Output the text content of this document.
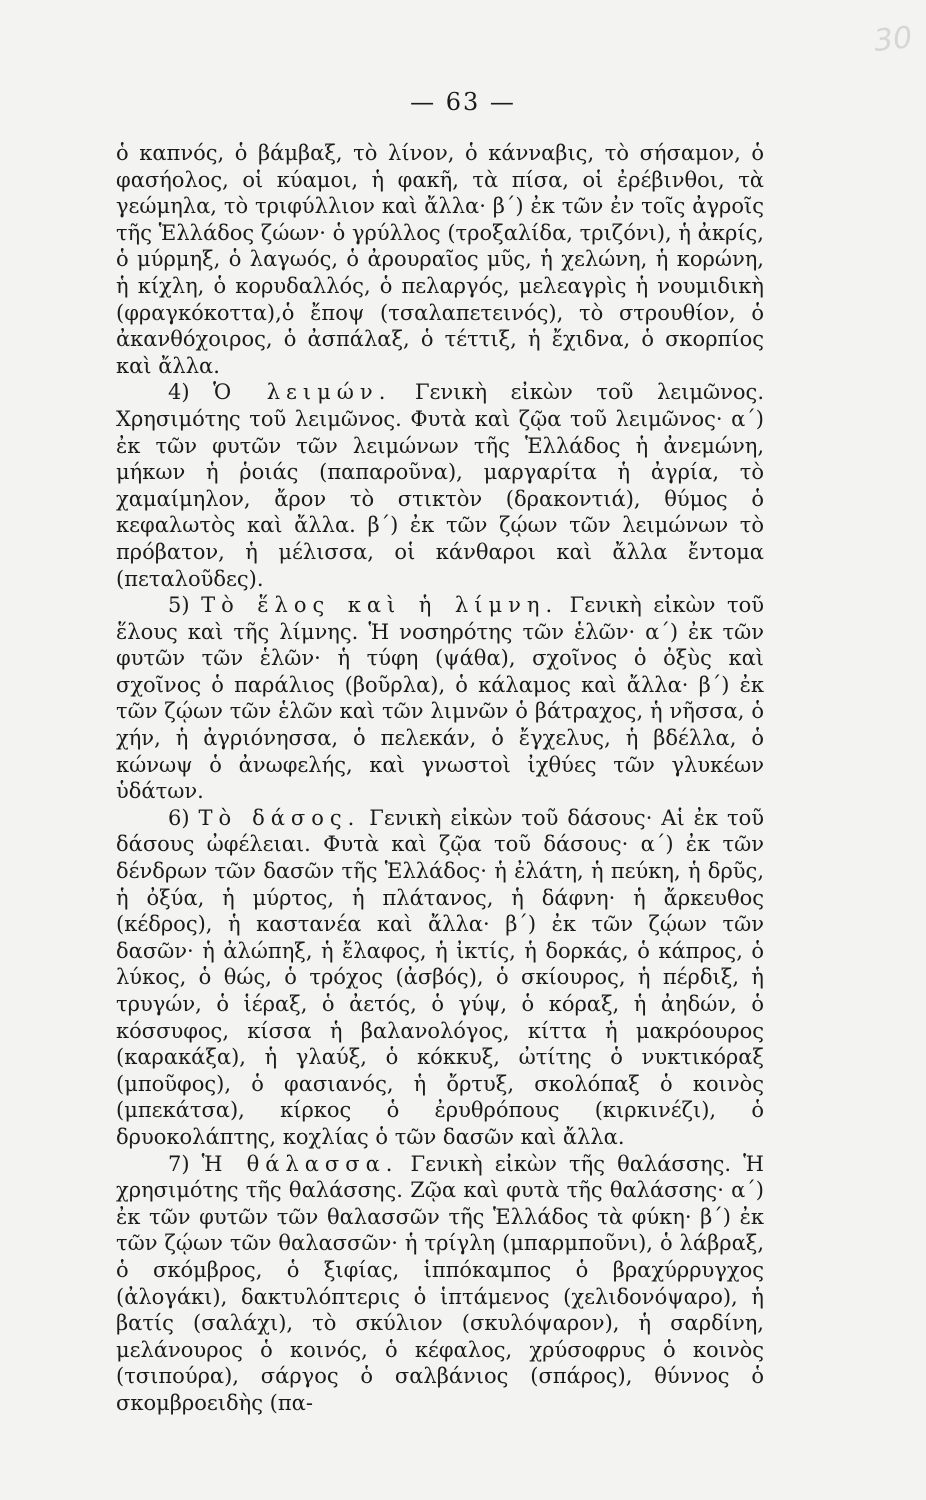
30
— 63 —

ὁ καπνός, ὁ βάμβαξ, τὸ λίνον, ὁ κάνναβις, τὸ σήσαμον, ὁ φασήολος, οἱ κύαμοι, ἡ φακῆ, τὰ πίσα, οἱ ἐρέβινθοι, τὰ γεώμηλα, τὸ τριφύλλιον καὶ ἄλλα· β΄) ἐκ τῶν ἐν τοῖς ἀγροῖς τῆς Ἑλλάδος ζώων· ὁ γρύλλος (τροξαλίδα, τριζόνι), ἡ ἀκρίς, ὁ μύρμηξ, ὁ λαγωός, ὁ ἀρουραῖος μῦς, ἡ χελώνη, ἡ κορώνη, ἡ κίχλη, ὁ κορυδαλλός, ὁ πελαργός, μελεαγρὶς ἡ νουμιδικὴ (φραγκόκοττα),ὁ ἔποψ (τσαλαπετεινός), τὸ στρουθίον, ὁ ἀκανθόχοιρος, ὁ ἀσπάλαξ, ὁ τέττιξ, ἡ ἔχιδνα, ὁ σκορπίος καὶ ἄλλα.

4) Ὁ λειμών. Γενικὴ εἰκὼν τοῦ λειμῶνος. Χρησιμότης τοῦ λειμῶνος. Φυτὰ καὶ ζῷα τοῦ λειμῶνος· α΄) ἐκ τῶν φυτῶν τῶν λειμώνων τῆς Ἑλλάδος ἡ ἀνεμώνη, μήκων ἡ ῥοιάς (παπαροῦνα), μαργαρίτα ἡ ἀγρία, τὸ χαμαίμηλον, ἄρον τὸ στικτὸν (δρακοντιά), θύμος ὁ κεφαλωτὸς καὶ ἄλλα. β΄) ἐκ τῶν ζῴων τῶν λειμώνων τὸ πρόβατον, ἡ μέλισσα, οἱ κάνθαροι καὶ ἄλλα ἔντομα (πεταλοῦδες).

5) Τὸ ἕλος καὶ ἡ λίμνη. Γενικὴ εἰκὼν τοῦ ἕλους καὶ τῆς λίμνης. Ἡ νοσηρότης τῶν ἑλῶν· α΄) ἐκ τῶν φυτῶν τῶν ἑλῶν· ἡ τύφη (ψάθα), σχοῖνος ὁ ὀξὺς καὶ σχοῖνος ὁ παράλιος (βοῦρλα), ὁ κάλαμος καὶ ἄλλα· β΄) ἐκ τῶν ζῴων τῶν ἑλῶν καὶ τῶν λιμνῶν ὁ βάτραχος, ἡ νῆσσα, ὁ χήν, ἡ ἀγριόνησσα, ὁ πελεκάν, ὁ ἔγχελυς, ἡ βδέλλα, ὁ κώνωψ ὁ ἀνωφελής, καὶ γνωστοὶ ἰχθύες τῶν γλυκέων ὑδάτων.

6) Τὸ δάσος. Γενικὴ εἰκὼν τοῦ δάσους· Αἱ ἐκ τοῦ δάσους ὠφέλειαι. Φυτὰ καὶ ζῷα τοῦ δάσους· α΄) ἐκ τῶν δένδρων τῶν δασῶν τῆς Ἑλλάδος· ἡ ἐλάτη, ἡ πεύκη, ἡ δρῦς, ἡ ὀξύα, ἡ μύρτος, ἡ πλάτανος, ἡ δάφνη· ἡ ἄρκευθος (κέδρος), ἡ καστανέα καὶ ἄλλα· β΄) ἐκ τῶν ζῴων τῶν δασῶν· ἡ ἀλώπηξ, ἡ ἔλαφος, ἡ ἰκτίς, ἡ δορκάς, ὁ κάπρος, ὁ λύκος, ὁ θώς, ὁ τρόχος (ἀσβός), ὁ σκίουρος, ἡ πέρδιξ, ἡ τρυγών, ὁ ἱέραξ, ὁ ἀετός, ὁ γύψ, ὁ κόραξ, ἡ ἀηδών, ὁ κόσσυφος, κίσσα ἡ βαλανολόγος, κίττα ἡ μακρόουρος (καρακάξα), ἡ γλαύξ, ὁ κόκκυξ, ὠτίτης ὁ νυκτικόραξ (μποῦφος), ὁ φασιανός, ἡ ὄρτυξ, σκολόπαξ ὁ κοινὸς (μπεκάτσα), κίρκος ὁ ἐρυθρόπους (κιρκινέζι), ὁ δρυοκολάπτης, κοχλίας ὁ τῶν δασῶν καὶ ἄλλα.

7) Ἡ θάλασσα. Γενικὴ εἰκὼν τῆς θαλάσσης. Ἡ χρησιμότης τῆς θαλάσσης. Ζῷα καὶ φυτὰ τῆς θαλάσσης· α΄) ἐκ τῶν φυτῶν τῶν θαλασσῶν τῆς Ἑλλάδος τὰ φύκη· β΄) ἐκ τῶν ζῴων τῶν θαλασσῶν· ἡ τρίγλη (μπαρμποῦνι), ὁ λάβραξ, ὁ σκόμβρος, ὁ ξιφίας, ἱππόκαμπος ὁ βραχύρρυγχος (ἀλογάκι), δακτυλόπτερις ὁ ἱπτάμενος (χελιδονόψαρο), ἡ βατίς (σαλάχι), τὸ σκύλιον (σκυλόψαρον), ἡ σαρδίνη, μελάνουρος ὁ κοινός, ὁ κέφαλος, χρύσοφρυς ὁ κοινὸς (τσιπούρα), σάργος ὁ σαλβάνιος (σπάρος), θύννος ὁ σκομβροειδὴς (πα-
